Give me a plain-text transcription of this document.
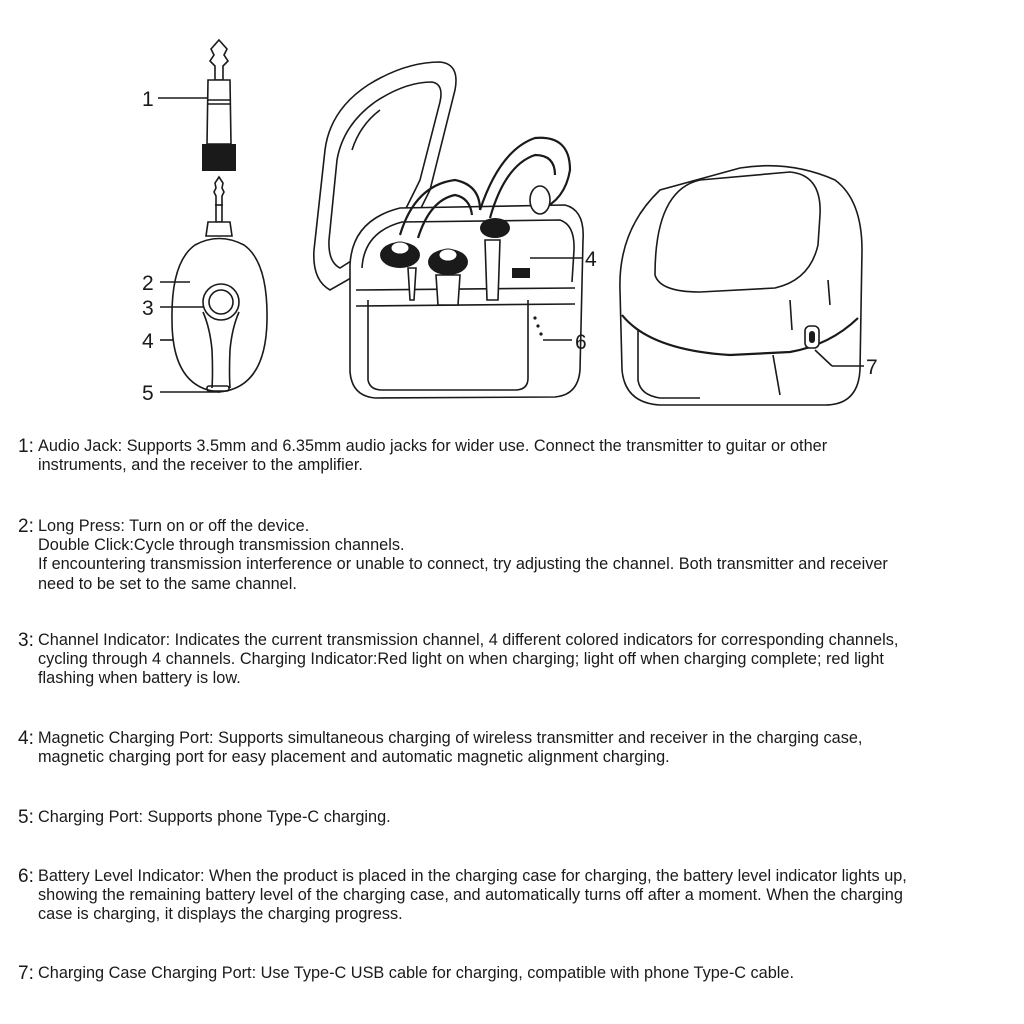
1
2
3
4
5
4
6
7
1: Audio Jack: Supports 3.5mm and 6.35mm audio jacks for wider use. Connect the transmitter to guitar or other
instruments, and the receiver to the amplifier.
2: Long Press: Turn on or off the device.
Double Click:Cycle through transmission channels.
If encountering transmission interference or unable to connect, try adjusting the channel. Both transmitter and receiver
need to be set to the same channel.
3: Channel Indicator: Indicates the current transmission channel, 4 different colored indicators for corresponding channels,
cycling through 4 channels. Charging Indicator:Red light on when charging; light off when charging complete; red light
flashing when battery is low.
4: Magnetic Charging Port: Supports simultaneous charging of wireless transmitter and receiver in the charging case,
magnetic charging port for easy placement and automatic magnetic alignment charging.
5: Charging Port: Supports phone Type-C charging.
6: Battery Level Indicator: When the product is placed in the charging case for charging, the battery level indicator lights up,
showing the remaining battery level of the charging case, and automatically turns off after a moment. When the charging
case is charging, it displays the charging progress.
7: Charging Case Charging Port: Use Type-C USB cable for charging, compatible with phone Type-C cable.
